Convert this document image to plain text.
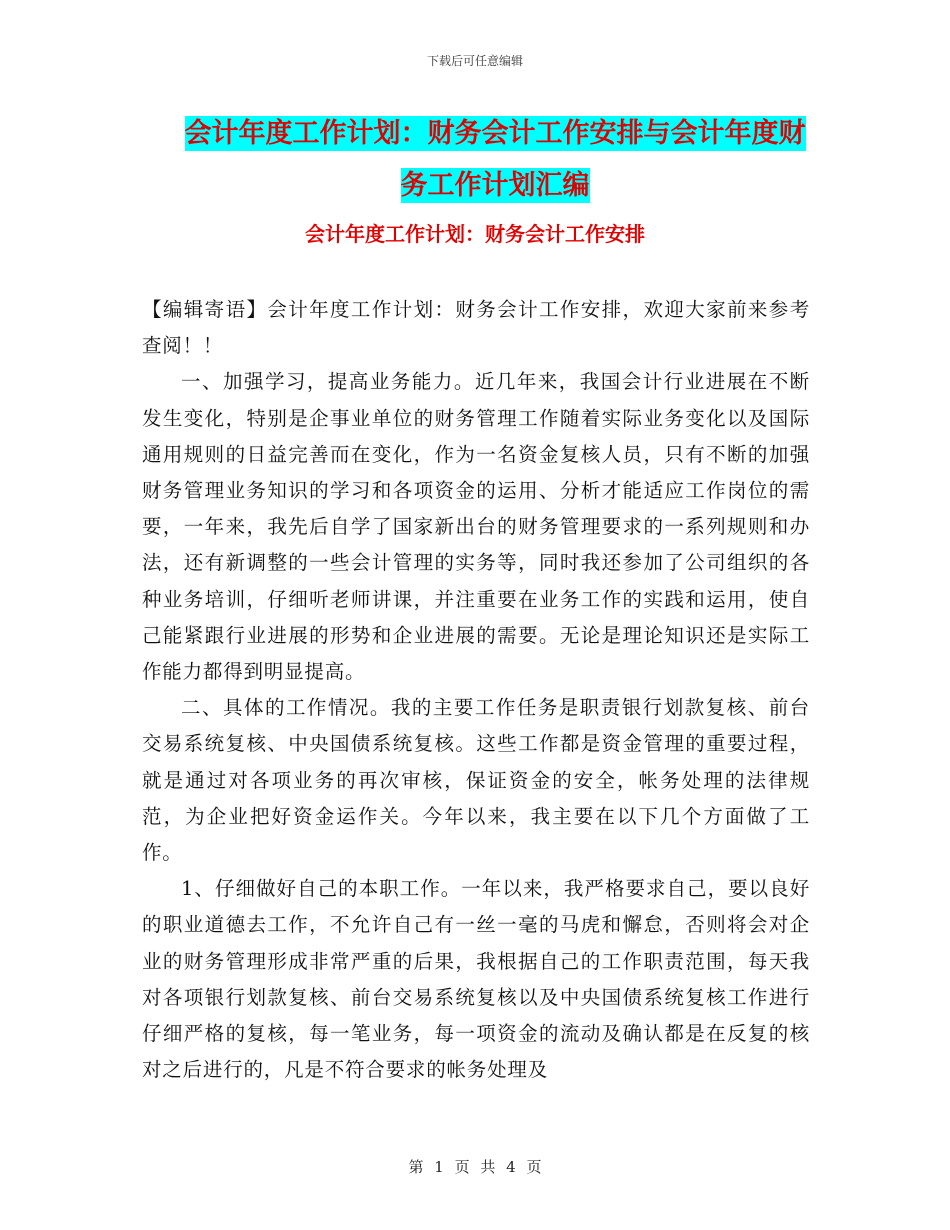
下载后可任意编辑
会计年度工作计划：财务会计工作安排与会计年度财
务工作计划汇编
会计年度工作计划：财务会计工作安排

【编辑寄语】会计年度工作计划：财务会计工作安排，欢迎大家前来参考查阅！！

一、加强学习，提高业务能力。近几年来，我国会计行业进展在不断发生变化，特别是企事业单位的财务管理工作随着实际业务变化以及国际通用规则的日益完善而在变化，作为一名资金复核人员，只有不断的加强财务管理业务知识的学习和各项资金的运用、分析才能适应工作岗位的需要，一年来，我先后自学了国家新出台的财务管理要求的一系列规则和办法，还有新调整的一些会计管理的实务等，同时我还参加了公司组织的各种业务培训，仔细听老师讲课，并注重要在业务工作的实践和运用，使自己能紧跟行业进展的形势和企业进展的需要。无论是理论知识还是实际工作能力都得到明显提高。

二、具体的工作情况。我的主要工作任务是职责银行划款复核、前台交易系统复核、中央国债系统复核。这些工作都是资金管理的重要过程，就是通过对各项业务的再次审核，保证资金的安全，帐务处理的法律规范，为企业把好资金运作关。今年以来，我主要在以下几个方面做了工作。

1、仔细做好自己的本职工作。一年以来，我严格要求自己，要以良好的职业道德去工作，不允许自己有一丝一毫的马虎和懈怠，否则将会对企业的财务管理形成非常严重的后果，我根据自己的工作职责范围，每天我对各项银行划款复核、前台交易系统复核以及中央国债系统复核工作进行仔细严格的复核，每一笔业务，每一项资金的流动及确认都是在反复的核对之后进行的，凡是不符合要求的帐务处理及

第 1 页 共 4 页
